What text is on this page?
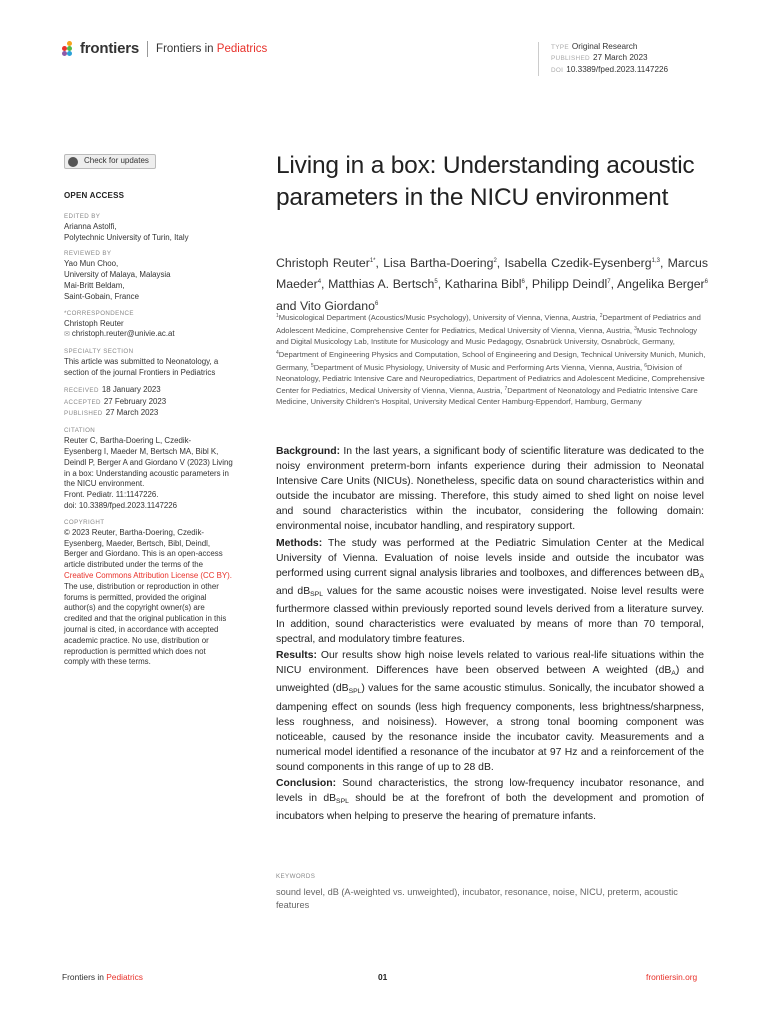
frontiers Frontiers in Pediatrics	TYPE Original Research
PUBLISHED 27 March 2023
DOI 10.3389/fped.2023.1147226
Check for updates
OPEN ACCESS
EDITED BY
Arianna Astolfi,
Polytechnic University of Turin, Italy
REVIEWED BY
Yao Mun Choo,
University of Malaya, Malaysia
Mai-Britt Beldam,
Saint-Gobain, France
*CORRESPONDENCE
Christoph Reuter
✉ christoph.reuter@univie.ac.at
SPECIALTY SECTION
This article was submitted to Neonatology, a
section of the journal Frontiers in Pediatrics
RECEIVED 18 January 2023
ACCEPTED 27 February 2023
PUBLISHED 27 March 2023
CITATION
Reuter C, Bartha-Doering L, Czedik-
Eysenberg I, Maeder M, Bertsch MA, Bibl K,
Deindl P, Berger A and Giordano V (2023) Living
in a box: Understanding acoustic parameters in
the NICU environment.
Front. Pediatr. 11:1147226.
doi: 10.3389/fped.2023.1147226
COPYRIGHT
© 2023 Reuter, Bartha-Doering, Czedik-
Eysenberg, Maeder, Bertsch, Bibl, Deindl,
Berger and Giordano. This is an open-access
article distributed under the terms of the
Creative Commons Attribution License (CC BY).
The use, distribution or reproduction in other
forums is permitted, provided the original
author(s) and the copyright owner(s) are
credited and that the original publication in this
journal is cited, in accordance with accepted
academic practice. No use, distribution or
reproduction is permitted which does not
comply with these terms.
Living in a box: Understanding acoustic parameters in the NICU environment
Christoph Reuter$^{1*}$, Lisa Bartha-Doering$^2$, Isabella Czedik-Eysenberg$^{1,3}$, Marcus Maeder$^4$, Matthias A. Bertsch$^5$, Katharina Bibl$^6$, Philipp Deindl$^7$, Angelika Berger$^6$ and Vito Giordano$^6$
$^1$Musicological Department (Acoustics/Music Psychology), University of Vienna, Vienna, Austria, $^2$Department of Pediatrics and Adolescent Medicine, Comprehensive Center for Pediatrics, Medical University of Vienna, Vienna, Austria, $^3$Music Technology and Digital Musicology Lab, Institute for Musicology and Music Pedagogy, Osnabrück University, Osnabrück, Germany, $^4$Department of Engineering Physics and Computation, School of Engineering and Design, Technical University Munich, Munich, Germany, $^5$Department of Music Physiology, University of Music and Performing Arts Vienna, Vienna, Austria, $^6$Division of Neonatology, Pediatric Intensive Care and Neuropediatrics, Department of Pediatrics and Adolescent Medicine, Comprehensive Center for Pediatrics, Medical University of Vienna, Vienna, Austria, $^7$Department of Neonatology and Pediatric Intensive Care Medicine, University Children's Hospital, University Medical Center Hamburg-Eppendorf, Hamburg, Germany

Background: In the last years, a significant body of scientific literature was dedicated to the noisy environment preterm-born infants experience during their admission to Neonatal Intensive Care Units (NICUs). Nonetheless, specific data on sound characteristics within and outside the incubator are missing. Therefore, this study aimed to shed light on noise level and sound characteristics within the incubator, considering the following domain: environmental noise, incubator handling, and respiratory support.

Methods: The study was performed at the Pediatric Simulation Center at the Medical University of Vienna. Evaluation of noise levels inside and outside the incubator was performed using current signal analysis libraries and toolboxes, and differences between $dB_A$ and $dB_{SPL}$ values for the same acoustic noises were investigated. Noise level results were furthermore classed within previously reported sound levels derived from a literature survey. In addition, sound characteristics were evaluated by means of more than 70 temporal, spectral, and modulatory timbre features.

Results: Our results show high noise levels related to various real-life situations within the NICU environment. Differences have been observed between A weighted $(dB_A)$ and unweighted $(dB_{SPL})$ values for the same acoustic stimulus. Sonically, the incubator showed a dampening effect on sounds (less high frequency components, less brightness/sharpness, less roughness, and noisiness). However, a strong tonal booming component was noticeable, caused by the resonance inside the incubator cavity. Measurements and a numerical model identified a resonance of the incubator at 97 Hz and a reinforcement of the sound components in this range of up to 28 dB.

Conclusion: Sound characteristics, the strong low-frequency incubator resonance, and levels in $dB_{SPL}$ should be at the forefront of both the development and promotion of incubators when helping to preserve the hearing of premature infants.

KEYWORDS
sound level, dB (A-weighted vs. unweighted), incubator, resonance, noise, NICU, preterm, acoustic features
Frontiers in Pediatrics	01	frontiersin.org
